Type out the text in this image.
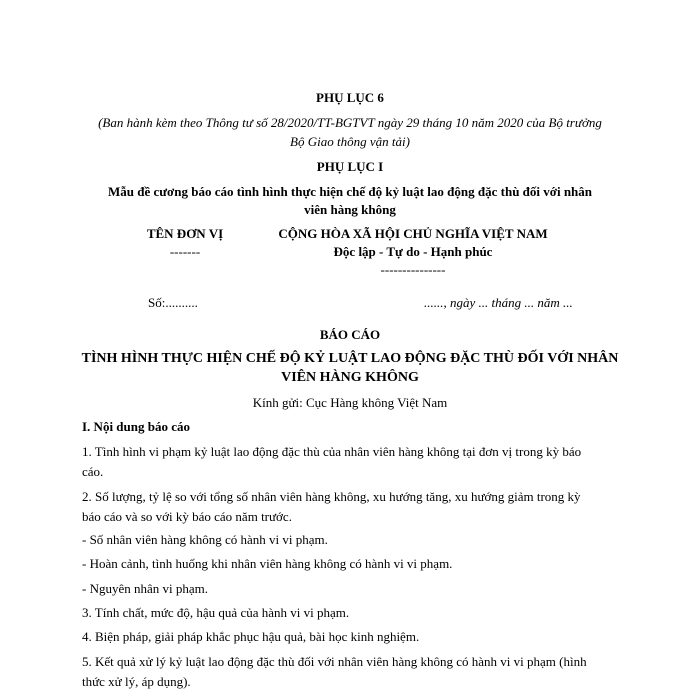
PHỤ LỤC 6
(Ban hành kèm theo Thông tư số 28/2020/TT-BGTVT ngày 29 tháng 10 năm 2020 của Bộ trưởng
Bộ Giao thông vận tải)
PHỤ LỤC I
Mẫu đề cương báo cáo tình hình thực hiện chế độ kỷ luật lao động đặc thù đối với nhân
viên hàng không
TÊN ĐƠN VỊ
-------
CỘNG HÒA XÃ HỘI CHỦ NGHĨA VIỆT NAM
Độc lập - Tự do - Hạnh phúc
---------------
Số:..........	......, ngày ... tháng ... năm ...
BÁO CÁO
TÌNH HÌNH THỰC HIỆN CHẾ ĐỘ KỶ LUẬT LAO ĐỘNG ĐẶC THÙ ĐỐI VỚI NHÂN
VIÊN HÀNG KHÔNG
Kính gửi: Cục Hàng không Việt Nam
I. Nội dung báo cáo
1. Tình hình vi phạm kỷ luật lao động đặc thù của nhân viên hàng không tại đơn vị trong kỳ báo
cáo.
2. Số lượng, tỷ lệ so với tổng số nhân viên hàng không, xu hướng tăng, xu hướng giảm trong kỳ
báo cáo và so với kỳ báo cáo năm trước.
- Số nhân viên hàng không có hành vi vi phạm.
- Hoàn cảnh, tình huống khi nhân viên hàng không có hành vi vi phạm.
- Nguyên nhân vi phạm.
3. Tính chất, mức độ, hậu quả của hành vi vi phạm.
4. Biện pháp, giải pháp khắc phục hậu quả, bài học kinh nghiệm.
5. Kết quả xử lý kỷ luật lao động đặc thù đối với nhân viên hàng không có hành vi vi phạm (hình
thức xử lý, áp dụng).
